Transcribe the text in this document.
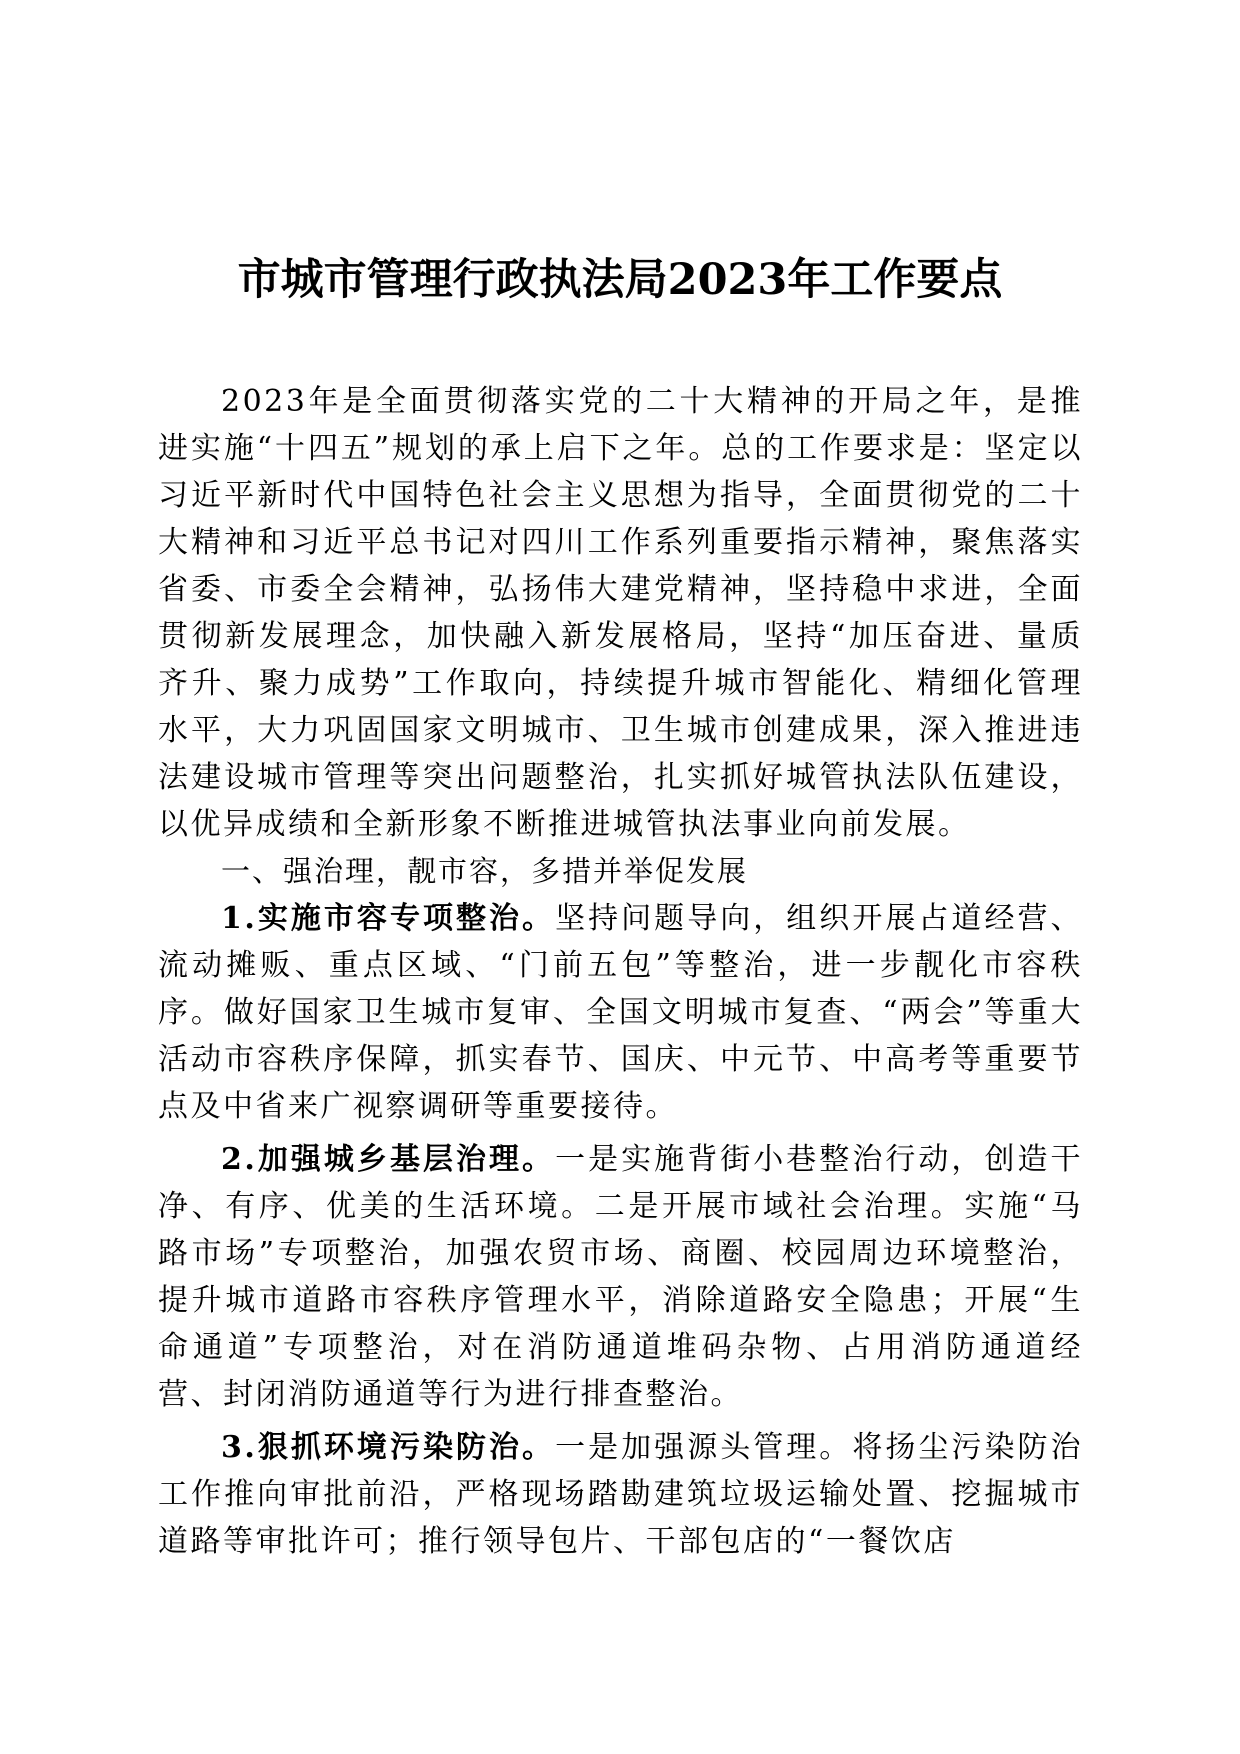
市城市管理行政执法局2023年工作要点

2023年是全面贯彻落实党的二十大精神的开局之年，是推进实施“十四五”规划的承上启下之年。总的工作要求是：坚定以习近平新时代中国特色社会主义思想为指导，全面贯彻党的二十大精神和习近平总书记对四川工作系列重要指示精神，聚焦落实省委、市委全会精神，弘扬伟大建党精神，坚持稳中求进，全面贯彻新发展理念，加快融入新发展格局，坚持“加压奋进、量质齐升、聚力成势”工作取向，持续提升城市智能化、精细化管理水平，大力巩固国家文明城市、卫生城市创建成果，深入推进违法建设城市管理等突出问题整治，扎实抓好城管执法队伍建设，以优异成绩和全新形象不断推进城管执法事业向前发展。

一、强治理，靓市容，多措并举促发展

1.实施市容专项整治。坚持问题导向，组织开展占道经营、流动摊贩、重点区域、“门前五包”等整治，进一步靓化市容秩序。做好国家卫生城市复审、全国文明城市复查、“两会”等重大活动市容秩序保障，抓实春节、国庆、中元节、中高考等重要节点及中省来广视察调研等重要接待。

2.加强城乡基层治理。一是实施背街小巷整治行动，创造干净、有序、优美的生活环境。二是开展市域社会治理。实施“马路市场”专项整治，加强农贸市场、商圈、校园周边环境整治，提升城市道路市容秩序管理水平，消除道路安全隐患；开展“生命通道”专项整治，对在消防通道堆码杂物、占用消防通道经营、封闭消防通道等行为进行排查整治。

3.狠抓环境污染防治。一是加强源头管理。将扬尘污染防治工作推向审批前沿，严格现场踏勘建筑垃圾运输处置、挖掘城市道路等审批许可；推行领导包片、干部包店的“一餐饮店
